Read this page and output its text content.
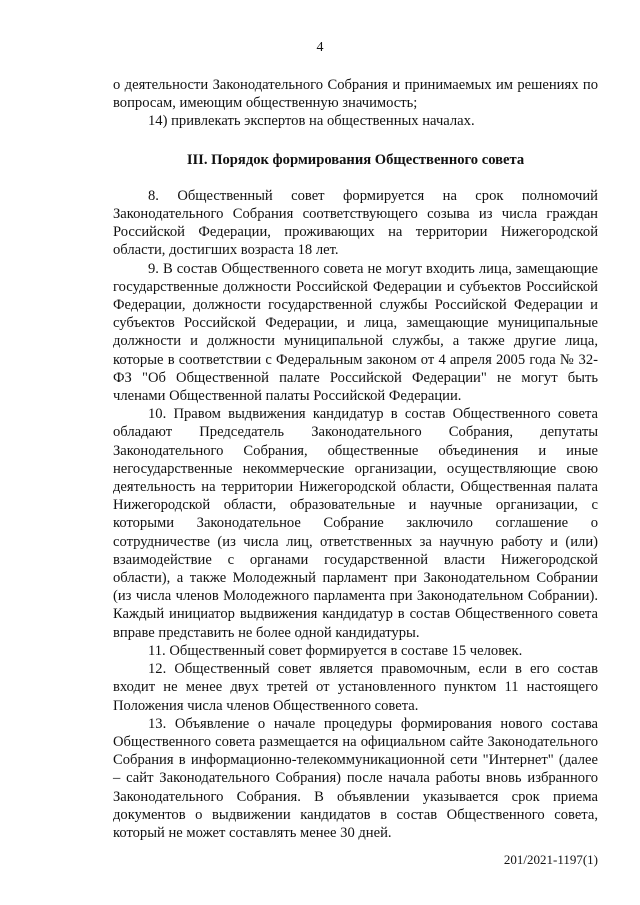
4

о деятельности Законодательного Собрания и принимаемых им решениях по вопросам, имеющим общественную значимость;

14) привлекать экспертов на общественных началах.

III. Порядок формирования Общественного совета

8. Общественный совет формируется на срок полномочий Законодательного Собрания соответствующего созыва из числа граждан Российской Федерации, проживающих на территории Нижегородской области, достигших возраста 18 лет.

9. В состав Общественного совета не могут входить лица, замещающие государственные должности Российской Федерации и субъектов Российской Федерации, должности государственной службы Российской Федерации и субъектов Российской Федерации, и лица, замещающие муниципальные должности и должности муниципальной службы, а также другие лица, которые в соответствии с Федеральным законом от 4 апреля 2005 года № 32-ФЗ "Об Общественной палате Российской Федерации" не могут быть членами Общественной палаты Российской Федерации.

10. Правом выдвижения кандидатур в состав Общественного совета обладают Председатель Законодательного Собрания, депутаты Законодательного Собрания, общественные объединения и иные негосударственные некоммерческие организации, осуществляющие свою деятельность на территории Нижегородской области, Общественная палата Нижегородской области, образовательные и научные организации, с которыми Законодательное Собрание заключило соглашение о сотрудничестве (из числа лиц, ответственных за научную работу и (или) взаимодействие с органами государственной власти Нижегородской области), а также Молодежный парламент при Законодательном Собрании (из числа членов Молодежного парламента при Законодательном Собрании). Каждый инициатор выдвижения кандидатур в состав Общественного совета вправе представить не более одной кандидатуры.

11. Общественный совет формируется в составе 15 человек.

12. Общественный совет является правомочным, если в его состав входит не менее двух третей от установленного пунктом 11 настоящего Положения числа членов Общественного совета.

13. Объявление о начале процедуры формирования нового состава Общественного совета размещается на официальном сайте Законодательного Собрания в информационно-телекоммуникационной сети "Интернет" (далее – сайт Законодательного Собрания) после начала работы вновь избранного Законодательного Собрания. В объявлении указывается срок приема документов о выдвижении кандидатов в состав Общественного совета, который не может составлять менее 30 дней.

201/2021-1197(1)
